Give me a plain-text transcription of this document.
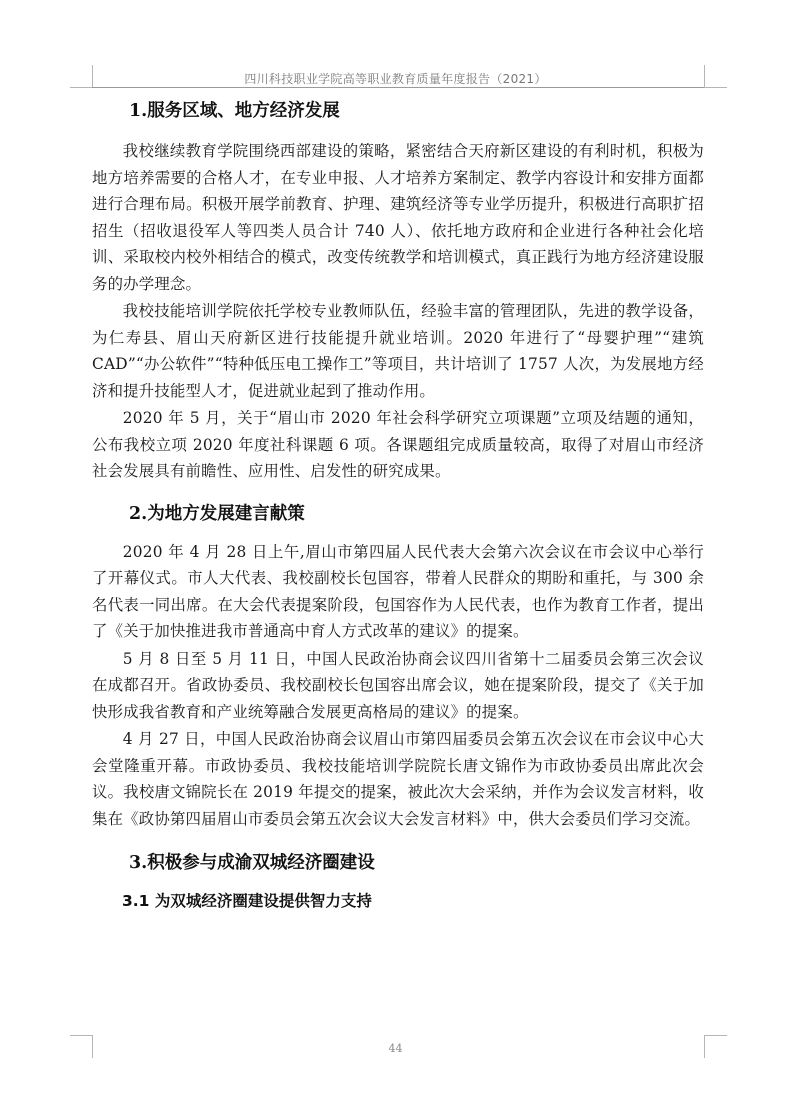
四川科技职业学院高等职业教育质量年度报告（2021）
1.服务区域、地方经济发展

我校继续教育学院围绕西部建设的策略，紧密结合天府新区建设的有利时机，积极为地方培养需要的合格人才，在专业申报、人才培养方案制定、教学内容设计和安排方面都进行合理布局。积极开展学前教育、护理、建筑经济等专业学历提升，积极进行高职扩招招生（招收退役军人等四类人员合计 740 人）、依托地方政府和企业进行各种社会化培训、采取校内校外相结合的模式，改变传统教学和培训模式，真正践行为地方经济建设服务的办学理念。

我校技能培训学院依托学校专业教师队伍，经验丰富的管理团队，先进的教学设备，为仁寿县、眉山天府新区进行技能提升就业培训。2020 年进行了“母婴护理”“建筑 CAD”“办公软件”“特种低压电工操作工”等项目，共计培训了 1757 人次，为发展地方经济和提升技能型人才，促进就业起到了推动作用。

2020 年 5 月，关于“眉山市 2020 年社会科学研究立项课题”立项及结题的通知，公布我校立项 2020 年度社科课题 6 项。各课题组完成质量较高，取得了对眉山市经济社会发展具有前瞻性、应用性、启发性的研究成果。

2.为地方发展建言献策

2020 年 4 月 28 日上午,眉山市第四届人民代表大会第六次会议在市会议中心举行了开幕仪式。市人大代表、我校副校长包国容，带着人民群众的期盼和重托，与 300 余名代表一同出席。在大会代表提案阶段，包国容作为人民代表，也作为教育工作者，提出了《关于加快推进我市普通高中育人方式改革的建议》的提案。

5 月 8 日至 5 月 11 日，中国人民政治协商会议四川省第十二届委员会第三次会议在成都召开。省政协委员、我校副校长包国容出席会议，她在提案阶段，提交了《关于加快形成我省教育和产业统筹融合发展更高格局的建议》的提案。

4 月 27 日，中国人民政治协商会议眉山市第四届委员会第五次会议在市会议中心大会堂隆重开幕。市政协委员、我校技能培训学院院长唐文锦作为市政协委员出席此次会议。我校唐文锦院长在 2019 年提交的提案，被此次大会采纳，并作为会议发言材料，收集在《政协第四届眉山市委员会第五次会议大会发言材料》中，供大会委员们学习交流。

3.积极参与成渝双城经济圈建设
3.1 为双城经济圈建设提供智力支持
44
